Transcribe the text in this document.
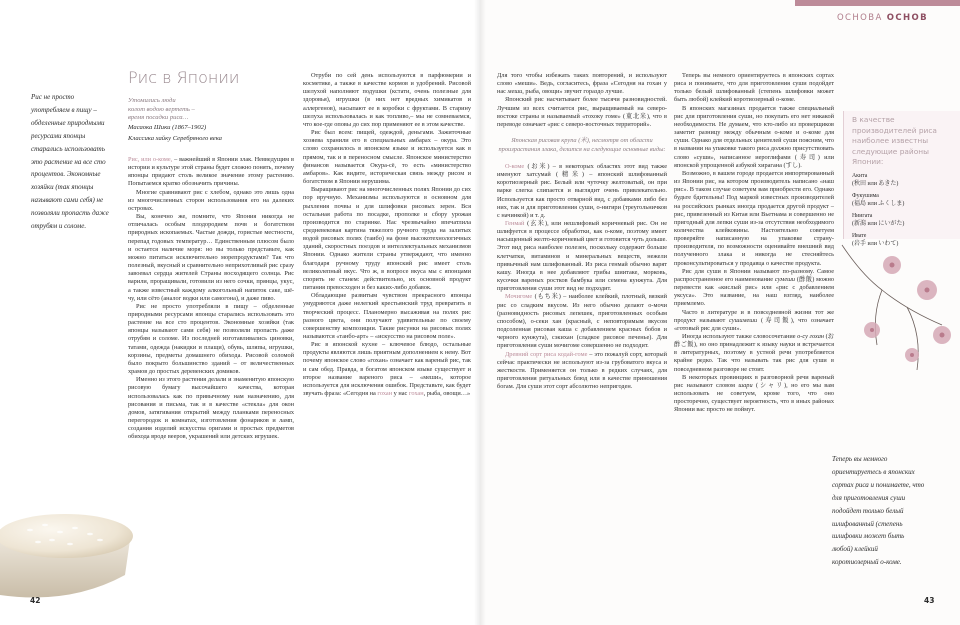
ОСНОВА ОСНОВ
Рис не просто употребляем в пищу – обделенные природными ресурсами японцы старались использовать это растение на все сто процентов. Экономные хозяйки (так японцы называют сами себя) не позволяли пропасть даже отрубям и соломе.
Рис в Японии

Утомились люди

колот водою вертеть –

время посадки риса…

Масаока Шики (1867–1902)

Классика хайку Серебряного века

Рис, или о-коме, – важнейший в Японии злак. Невведущим в истории и культуре этой страны будет сложно понять, почему японцы придают столь великое значение этому растению. Попытаемся кратко обозначить причины.

Многие сравнивают рис с хлебом, однако это лишь одна из многочисленных сторон использования его на далеких островах.

Вы, конечно же, помните, что Япония никогда не отличалась особым плодородием почв и богатством природных ископаемых. Частые дожди, гористые местности, перепад годовых температур… Единственным плюсом было и остается наличие моря: но вы только представьте, как можно питаться исключительно морепродуктами? Так что полезный, вкусный и сравнительно неприхотливый рис сразу завоевал сердца жителей Страны восходящего солнца. Рис варили, проращивали, готовили из него сочки, прянцы, укус, а также известный каждому алкогольный напиток саке, шё-чу, или сёто (аналог водки или самогона), и даже пиво.

Рис не просто употребляли в пищу – обделенные природными ресурсами японцы старались использовать это растение на все сто процентов. Экономные хозяйки (так японцы называют сами себя) не позволяли пропасть даже отрубям и соломе. Из последней изготавливались циновки, татами, одежда (накидки и плащи), обувь, шляпы, игрушки, корзины, предметы домашнего обихода. Рисовой соломой было покрыто большинство зданий – от величественных храмов до простых деревенских домиков.

Именно из этого растения делали и знаменитую японскую рисовую бумагу высочайшего качества, которая использовалась как по привычному нам назначению, для рисования и письма, так и в качестве «стекла» для окон домов, затягивания открытий между планками переносных перегородок и комнатах, изготовления фонариков и ламп, создания изделий искусства оригами и простых предметов обихода вроде вееров, украшений или детских игрушек.

Отруби по сей день используются в парфюмерии и косметике, а также в качестве кормов и удобрений. Рисовой шелухой наполняют подушки (кстати, очень полезные для здоровья), игрушки (в них нет вредных химикатов и аллергенов), насыпают ее в коробки с фруктами. В старину шелуха использовалась и как топливо,– мы не сомневаемся, что кое-где оповы до сих пор применяют ее в этом качестве.

Рис был всем: пищей, одеждой, деньгами. Зажиточные хозяева хранили его в специальных амбарах – окура. Это слово сохранилось в японском языке и используется как в прямом, так и в переносном смысле. Японское министерство финансов называется Окура-сё, то есть «министерство амбаров». Как видите, историческая связь между рисом и богатством в Японии нерушима.

Выращивают рис на многочисленных полях Японии до сих пор вручную. Механизмы используются в основном для рыхления почвы и для шлифовки рисовых зерен. Вся остальная работа по посадке, прополке и сбору урожая производится по старинке. Нас чрезвычайно впечатлила средневековая картина тяжелого ручного труда на залитых водой рисовых полях (таибо) на фоне высокотехнологичных зданий, скоростных поездов и интеллектуальных механизмов Японии. Однако жители страны утверждают, что именно благодаря ручному труду японский рис имеет столь великолепный вкус. Что ж, в вопросе вкуса мы с японцами спорить не станем: действительно, их основной продукт питания превосходен и без каких-либо добавок.

Обладающие развитым чувством прекрасного японцы умудряются даже нелегкий крестьянский труд превратить в творческий процесс. Планомерно высаживая на полях рис разного цвета, они получают удивительные по своему совершенству композиции. Такие рисунки на рисовых полях называются «танбо-арт» – «искусство на рисовом поле».

Рис в японской кухне – ключевое блюдо, остальные продукты являются лишь приятным дополнением к нему. Вот почему японское слово «гохан» означает как вареный рис, так и сам обед. Правда, в богатом японском языке существует и второе название вареного риса – «меши», которое используется для исключения ошибок. Представьте, как будет звучать фраза: «Сегодня на гохан у нас гохан, рыба, овощи…»

42

Для того чтобы избежать таких повторений, и используют слово «меши». Ведь, согласитесь, фраза «Сегодня на гохан у нас меши, рыба, овощи» звучит гораздо лучше.

Японский рис насчитывает более тысячи разновидностей. Лучшим из всех считается рис, выращиваемый на северо-востоке страны и называемый «тохоку гоме» (東北米), что в переводе означает «рис с северо-восточных территорий».

Японская рисовая крупа (米), несмотря от области произрастания злака, делится на следующие основные виды:

О-коме (お米) – в некоторых областях этот вид также именуют хатсумай (精米) – японский шлифованный коротиозерный рис. Белый или чуточку желтоватый, он при варке слегка слипается и выглядит очень привлекательно. Используется как просто отварной вид, с добавками либо без них, так и для приготовления суши, о-нигири (треугольничков с начинкой) и т. д.

Генмай (玄米), или нешлифовый коричневый рис. Он не шлифуется в процессе обработки, как о-коме, поэтому имеет насыщенный желто-коричневый цвет и готовится чуть дольше. Этот вид риса наиболее полезен, поскольку содержит больше клетчатки, витаминов и минеральных веществ, нежели привычный нам шлифованный. Из риса генмай обычно варят кашу. Иногда в нее добавляют грибы шиитаке, морковь, кусочки вареных ростков бамбука или семена кунжута. Для приготовления суши этот вид не подходит.

Мочигоме (もち米) – наиболее клейкий, плотный, вязкий рис со сладким вкусом. Из него обычно делают о-мочи (разновидность рисовых лепешек, приготовленных особым способом), о-секи хан (красный, с неповторимым вкусом подсоленная рисовая каша с добавлением красных бобов и черного кунжута), сэкихан (сладкое рисовое печенье). Для приготовления суши мочигоме совершенно не подходит.

Древний сорт риса кодай-гоме – это пожалуй сорт, который сейчас практически не используют из-за грубоватого вкуса и жесткости. Применяется он только в редких случаях, для приготовления ритуальных блюд или в качестве приношения богам. Для суши этот сорт абсолютно непригоден.

Теперь вы немного ориентируетесь в японских сортах риса и понимаете, что для приготовления суши подойдет только белый шлифованный (степень шлифовки может быть любой) клейкий коротиозерный о-коме.

В японских магазинах продается также специальный рис для приготовления суши, но покупать его нет никакой необходимости. Не думаем, что кто-либо из проверщиков заметит разницу между обычным о-коме и о-коме для суши. Однако для отдельных ценителей суши поясним, что в названии на упаковке такого риса должно присутствовать слово «суши», написанное иероглифами (寿司) или японской упрощенной азбукой хирагана (すし).

Возможно, в вашем городе продается импортированный из Японии рис, на котором производитель написано «наш рис». В таком случае советуем вам приобрести его. Однако будьте бдительны! Под маркой известных производителей на российских рынках иногда продается другой продукт – рис, привезенный из Китая или Вьетнама и совершенно не пригодный для лепки суши из-за отсутствия необходимого количества клейковины. Настоятельно советуем проверяйте написанную на упаковке страну-производителя, по возможности оценивайте внешний вид полученного злака и никогда не стесняйтесь проконсультироваться у продавца о качестве продукта.

Рис для суши в Японии называют по-разному. Самое распространенное его наименование сумеши (酢飯) можно перевести как «кислый рис» или «рис с добавлением уксуса». Это название, на наш взгляд, наиболее приемлемо.

Часто в литературе и в повседневной жизни тот же продукт называют сушимеши (寿司飯), что означает «готовый рис для суши».

Иногда используют также словосочетание о-су гохан (お酢ご飯), но оно принадлежит к языку науки и встречается в литературных, поэтому в устной речи употребляется крайне редко. Так что называть так рис для суши в повседневном разговоре не стоит.

В некоторых провинциях в разговорной речи вареный рис называют словом шари (シャリ), но его мы вам использовать не советуем, кроме того, что оно просторечно, существует вероятность, что в иных районах Японии вас просто не поймут.

В качестве производителей риса наиболее известны следующие районы Японии:

Акита
(秋田 или あきた)
Фукушима
(福島 или ふくしま)
Ниигата
(新潟 или にいがた)
Ивате
(岩手 или いわて)
Теперь вы немного ориентируетесь в японских сортах риса и понимаете, что для приготовления суши подойдет только белый шлифованный (степень шлифовки может быть любой) клейкий коротиозерный о-коме.
43
